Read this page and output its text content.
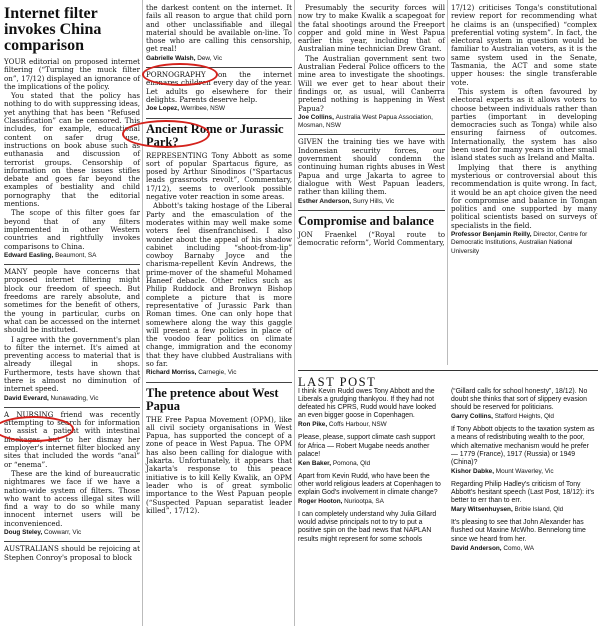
Internet filter invokes China comparison

YOUR editorial on proposed internet filtering (“Turning the muck filter on”, 17/12) displayed an ignorance of the implications of the policy.

You stated that the policy has nothing to do with suppressing ideas, yet anything that has been “Refused Classification” can be censored. This includes, for example, educational content on safer drug use, instructions on book abuse such as euthanasia and discussion of terrorist groups. Censorship of information on these issues stifles debate and goes far beyond the examples of bestiality and child pornography that the editorial mentions.

The scope of this filter goes far beyond that of any filters implemented in other Western countries and rightfully invokes comparisons to China.

Edward Easling, Beaumont, SA

MANY people have concerns that proposed internet filtering might block our freedom of speech. But freedoms are rarely absolute, and sometimes for the benefit of others, the young in particular, curbs on what can be accessed on the internet should be instituted.

I agree with the government's plan to filter the internet. It's aimed at preventing access to material that is already illegal in shops. Furthermore, tests have shown that there is almost no diminution of internet speed.

David Everard, Nunawading, Vic

A NURSING friend was recently attempting to search for information to assist a patient with intestinal blockages, but to her dismay her employer's internet filter blocked any sites that included the words “anal” or “enema”.

These are the kind of bureaucratic nightmares we face if we have a nation-wide system of filters. Those who want to access illegal sites will find a way to do so while many innocent internet users will be inconvenienced.

Doug Steley, Cowwarr, Vic

AUSTRALIANS should be rejoicing at Stephen Conroy's proposal to block

the darkest content on the internet. It fails all reason to argue that child porn and other unclassifiable and illegal material should be available on-line. To those who are calling this censorship, get real!

Gabrielle Walsh, Dew, Vic

PORNOGRAPHY on the internet ensnares children every day of the year. Let adults go elsewhere for their delights. Parents deserve help.

Joe Lopez, Werribee, NSW
Ancient Rome or Jurassic Park?

REPRESENTING Tony Abbott as some sort of popular Spartacus figure, as posed by Arthur Sinodinos (“Spartacus leads grassroots revolt”, Commentary, 17/12), seems to overlook possible negative voter reaction in some areas.

Abbott's taking hostage of the Liberal Party and the emasculation of the moderates within may well make some voters feel disenfranchised. I also wonder about the appeal of his shadow cabinet including “shoot-from-lip” cowboy Barnaby Joyce and the charisma-repellent Kevin Andrews, the prime-mover of the shameful Mohamed Haneef debacle. Other relics such as Philip Ruddock and Bronwyn Bishop complete a picture that is more representative of Jurassic Park than Roman times. One can only hope that somewhere along the way this gaggle will present a few policies in place of the voodoo fear politics on climate change, immigration and the economy that they have clubbed Australians with so far.

Richard Morriss, Carnegie, Vic
The pretence about West Papua

THE Free Papua Movement (OPM), like all civil society organisations in West Papua, has supported the concept of a zone of peace in West Papua. The OPM has also been calling for dialogue with Jakarta. Unfortunately, it appears that Jakarta's response to this peace initiative is to kill Kelly Kwalik, an OPM leader who is of great symbolic importance to the West Papuan people (“Suspected Papuan separatist leader killed”, 17/12).

Presumably the security forces will now try to make Kwalik a scapegoat for the fatal shootings around the Freeport copper and gold mine in West Papua earlier this year, including that of Australian mine technician Drew Grant.

The Australian government sent two Australian Federal Police officers to the mine area to investigate the shootings. Will we ever get to hear about their findings or, as usual, will Canberra pretend nothing is happening in West Papua?

Joe Collins, Australia West Papua Association, Mosman, NSW

GIVEN the training ties we have with Indonesian security forces, our government should condemn the continuing human rights abuses in West Papua and urge Jakarta to agree to dialogue with West Papuan leaders, rather than killing them.

Esther Anderson, Surry Hills, Vic
Compromise and balance

JON Fraenkel (“Royal route to democratic reform”, World Commentary,

17/12) criticises Tonga's constitutional review report for recommending what he claims is an (unspecified) “complex preferential voting system”. In fact, the electoral system in question would be familiar to Australian voters, as it is the same system used in the Senate, Tasmania, the ACT and some state upper houses: the single transferable vote.

This system is often favoured by electoral experts as it allows voters to choose between individuals rather than parties (important in developing democracies such as Tonga) while also ensuring fairness of outcomes. Internationally, the system has also been used for many years in other small island states such as Ireland and Malta.

Implying that there is anything mysterious or controversial about this recommendation is quite wrong. In fact, it would be an apt choice given the need for compromise and balance in Tongan politics and one supported by many political scientists based on surveys of specialists in the field.

Professor Benjamin Reilly, Director, Centre for Democratic Institutions, Australian National University
LAST POST

I think Kevin Rudd owes Tony Abbott and the Liberals a grudging thankyou. If they had not defeated his CPRS, Rudd would have looked an even bigger goose in Copenhagen.

Ron Pike, Coffs Harbour, NSW

Please, please, support climate cash support for Africa — Robert Mugabe needs another palace!

Ken Baker, Pomona, Qld

Apart from Kevin Rudd, who have been the other world religious leaders at Copenhagen to explain God's involvement in climate change?

Roger Hooton, Nuriootpa, SA

I can completely understand why Julia Gillard would advise principals not to try to put a positive spin on the bad news that NAPLAN results might represent for some schools

(“Gillard calls for school honesty”, 18/12). No doubt she thinks that sort of slippery evasion should be reserved for politicians.

Garry Collins, Stafford Heights, Qld

If Tony Abbott objects to the taxation system as a means of redistributing wealth to the poor, which alternative mechanism would he prefer — 1779 (France), 1917 (Russia) or 1949 (China)?

Kishor Dabke, Mount Waverley, Vic

Regarding Philip Hadley's criticism of Tony Abbott's hesitant speech (Last Post, 18/12): it's better to err than to err.

Mary Witsenhuysen, Bribie Island, Qld

It's pleasing to see that John Alexander has flushed out Maxine McWho. Bennelong time since we heard from her.

David Anderson, Como, WA
